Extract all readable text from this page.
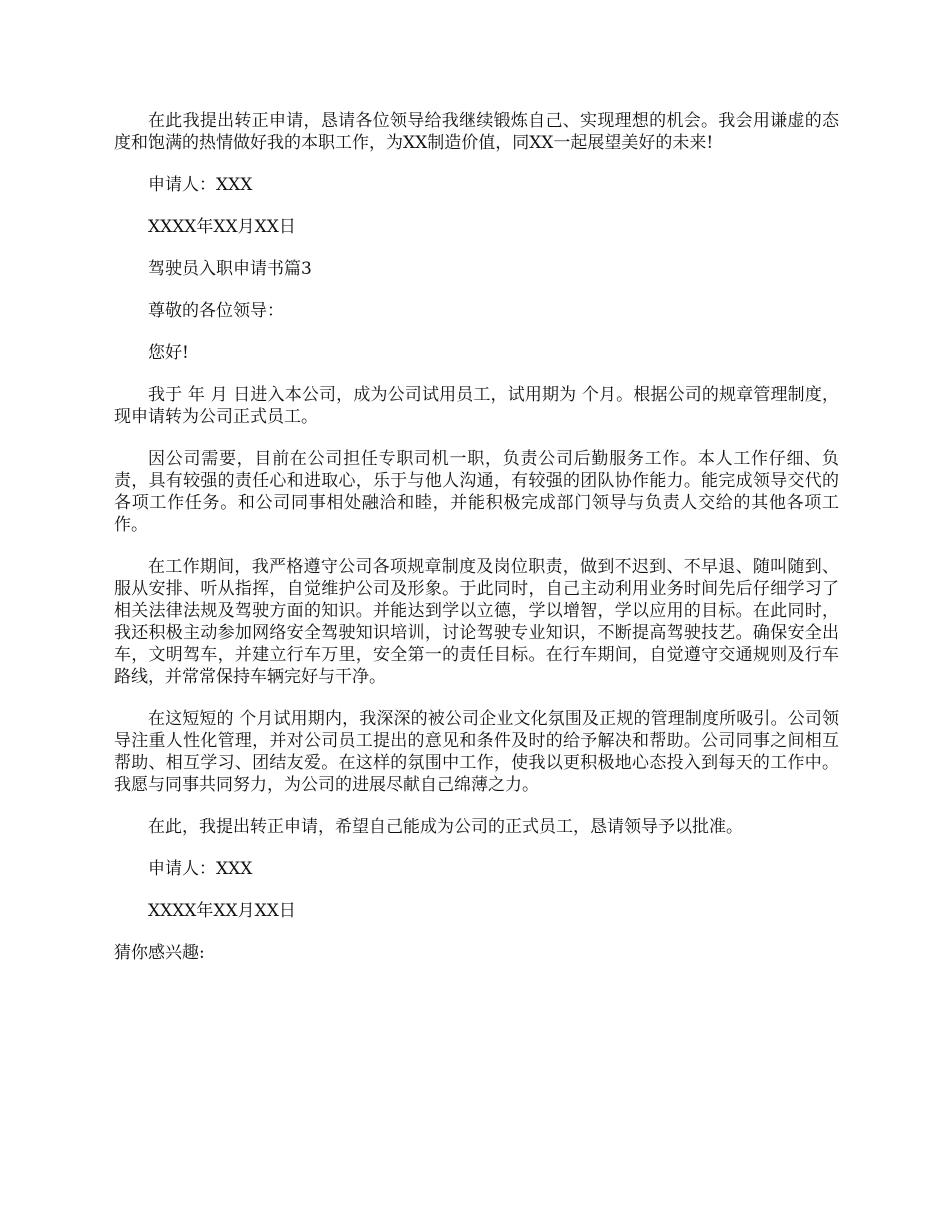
在此我提出转正申请，恳请各位领导给我继续锻炼自己、实现理想的机会。我会用谦虚的态度和饱满的热情做好我的本职工作，为XX制造价值，同XX一起展望美好的未来!

申请人：XXX

XXXX年XX月XX日

驾驶员入职申请书篇3

尊敬的各位领导：

您好!

我于 年 月 日进入本公司，成为公司试用员工，试用期为 个月。根据公司的规章管理制度，现申请转为公司正式员工。

因公司需要，目前在公司担任专职司机一职，负责公司后勤服务工作。本人工作仔细、负责，具有较强的责任心和进取心，乐于与他人沟通，有较强的团队协作能力。能完成领导交代的各项工作任务。和公司同事相处融洽和睦，并能积极完成部门领导与负责人交给的其他各项工作。

在工作期间，我严格遵守公司各项规章制度及岗位职责，做到不迟到、不早退、随叫随到、服从安排、听从指挥，自觉维护公司及形象。于此同时，自己主动利用业务时间先后仔细学习了相关法律法规及驾驶方面的知识。并能达到学以立德，学以增智，学以应用的目标。在此同时，我还积极主动参加网络安全驾驶知识培训，讨论驾驶专业知识，不断提高驾驶技艺。确保安全出车，文明驾车，并建立行车万里，安全第一的责任目标。在行车期间，自觉遵守交通规则及行车路线，并常常保持车辆完好与干净。

在这短短的 个月试用期内，我深深的被公司企业文化氛围及正规的管理制度所吸引。公司领导注重人性化管理，并对公司员工提出的意见和条件及时的给予解决和帮助。公司同事之间相互帮助、相互学习、团结友爱。在这样的氛围中工作，使我以更积极地心态投入到每天的工作中。我愿与同事共同努力，为公司的进展尽献自己绵薄之力。

在此，我提出转正申请，希望自己能成为公司的正式员工，恳请领导予以批准。

申请人：XXX

XXXX年XX月XX日

猜你感兴趣:
